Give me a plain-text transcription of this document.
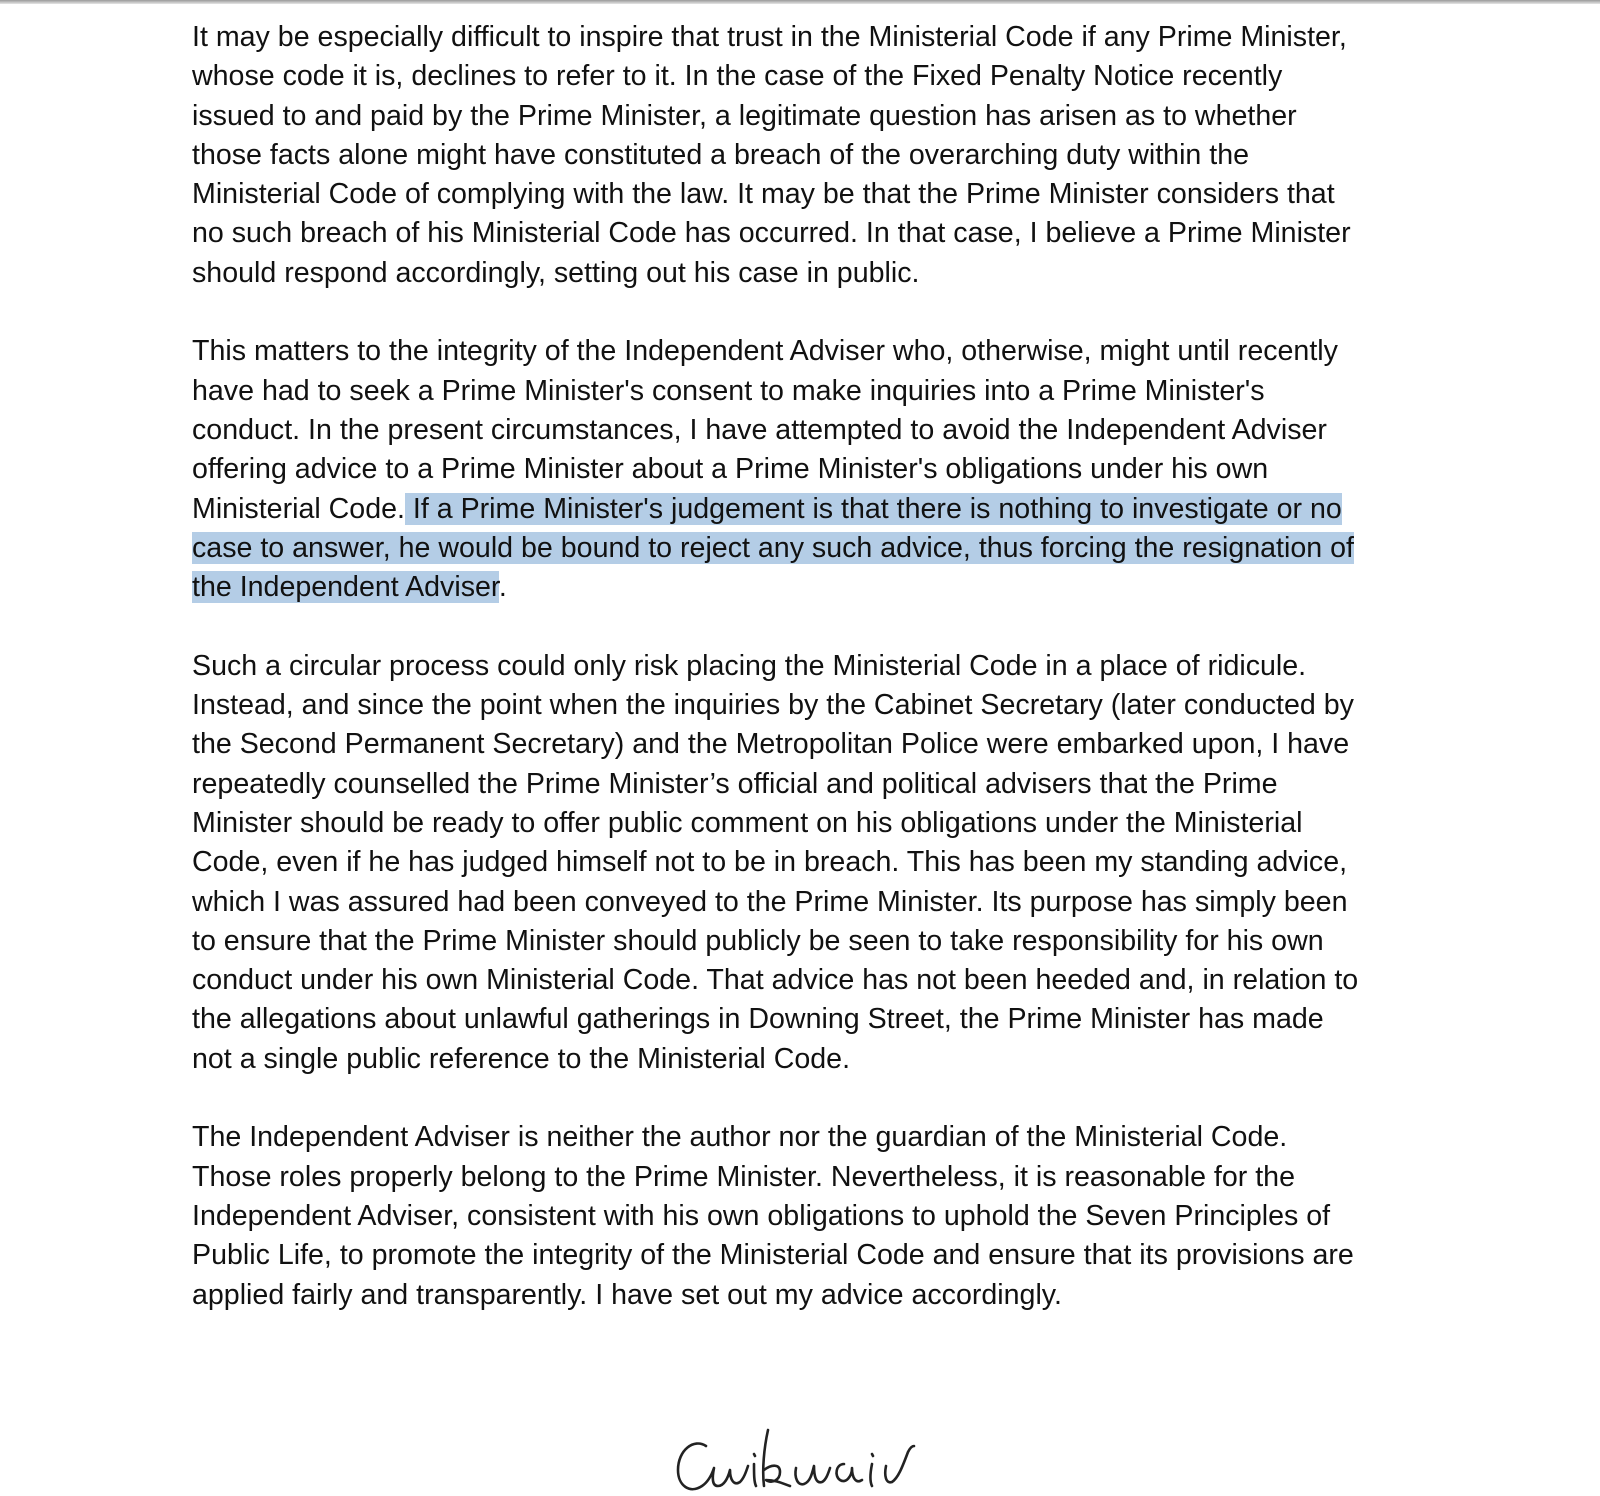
It may be especially difficult to inspire that trust in the Ministerial Code if any Prime Minister,
whose code it is, declines to refer to it. In the case of the Fixed Penalty Notice recently
issued to and paid by the Prime Minister, a legitimate question has arisen as to whether
those facts alone might have constituted a breach of the overarching duty within the
Ministerial Code of complying with the law. It may be that the Prime Minister considers that
no such breach of his Ministerial Code has occurred. In that case, I believe a Prime Minister
should respond accordingly, setting out his case in public.

This matters to the integrity of the Independent Adviser who, otherwise, might until recently
have had to seek a Prime Minister's consent to make inquiries into a Prime Minister's
conduct. In the present circumstances, I have attempted to avoid the Independent Adviser
offering advice to a Prime Minister about a Prime Minister's obligations under his own
Ministerial Code. If a Prime Minister's judgement is that there is nothing to investigate or no
case to answer, he would be bound to reject any such advice, thus forcing the resignation of
the Independent Adviser.

Such a circular process could only risk placing the Ministerial Code in a place of ridicule.
Instead, and since the point when the inquiries by the Cabinet Secretary (later conducted by
the Second Permanent Secretary) and the Metropolitan Police were embarked upon, I have
repeatedly counselled the Prime Minister’s official and political advisers that the Prime
Minister should be ready to offer public comment on his obligations under the Ministerial
Code, even if he has judged himself not to be in breach. This has been my standing advice,
which I was assured had been conveyed to the Prime Minister. Its purpose has simply been
to ensure that the Prime Minister should publicly be seen to take responsibility for his own
conduct under his own Ministerial Code. That advice has not been heeded and, in relation to
the allegations about unlawful gatherings in Downing Street, the Prime Minister has made
not a single public reference to the Ministerial Code.

The Independent Adviser is neither the author nor the guardian of the Ministerial Code.
Those roles properly belong to the Prime Minister. Nevertheless, it is reasonable for the
Independent Adviser, consistent with his own obligations to uphold the Seven Principles of
Public Life, to promote the integrity of the Ministerial Code and ensure that its provisions are
applied fairly and transparently. I have set out my advice accordingly.
